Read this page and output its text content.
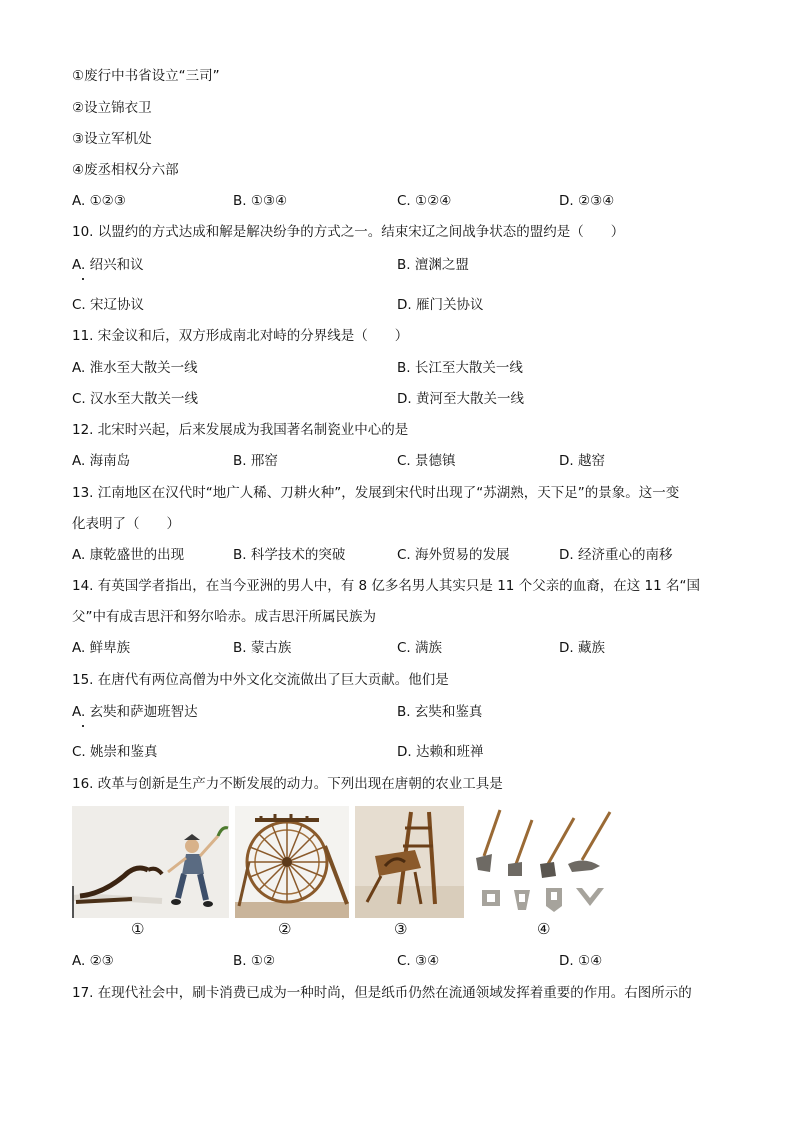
①废行中书省设立“三司”
②设立锦衣卫
③设立军机处
④废丞相权分六部
A. ①②③	B. ①③④	C. ①②④	D. ②③④
10. 以盟约的方式达成和解是解决纷争的方式之一。结束宋辽之间战争状态的盟约是（　　）
A. 绍兴和议	B. 澶渊之盟
C. 宋辽协议	D. 雁门关协议
11. 宋金议和后，双方形成南北对峙的分界线是（　　）
A. 淮水至大散关一线	B. 长江至大散关一线
C. 汉水至大散关一线	D. 黄河至大散关一线
12. 北宋时兴起，后来发展成为我国著名制瓷业中心的是
A. 海南岛	B. 邢窑	C. 景德镇	D. 越窑
13. 江南地区在汉代时“地广人稀、刀耕火种”，发展到宋代时出现了“苏湖熟，天下足”的景象。这一变
化表明了（　　）
A. 康乾盛世的出现	B. 科学技术的突破	C. 海外贸易的发展	D. 经济重心的南移
14. 有英国学者指出，在当今亚洲的男人中，有 8 亿多名男人其实只是 11 个父亲的血裔，在这 11 名“国
父”中有成吉思汗和努尔哈赤。成吉思汗所属民族为
A. 鲜卑族	B. 蒙古族	C. 满族	D. 藏族
15. 在唐代有两位高僧为中外文化交流做出了巨大贡献。他们是
A. 玄奘和萨迦班智达	B. 玄奘和鉴真
C. 姚崇和鉴真	D. 达赖和班禅
16. 改革与创新是生产力不断发展的动力。下列出现在唐朝的农业工具是
①	②	③	④
A. ②③	B. ①②	C. ③④	D. ①④
17. 在现代社会中，刷卡消费已成为一种时尚，但是纸币仍然在流通领域发挥着重要的作用。右图所示的
